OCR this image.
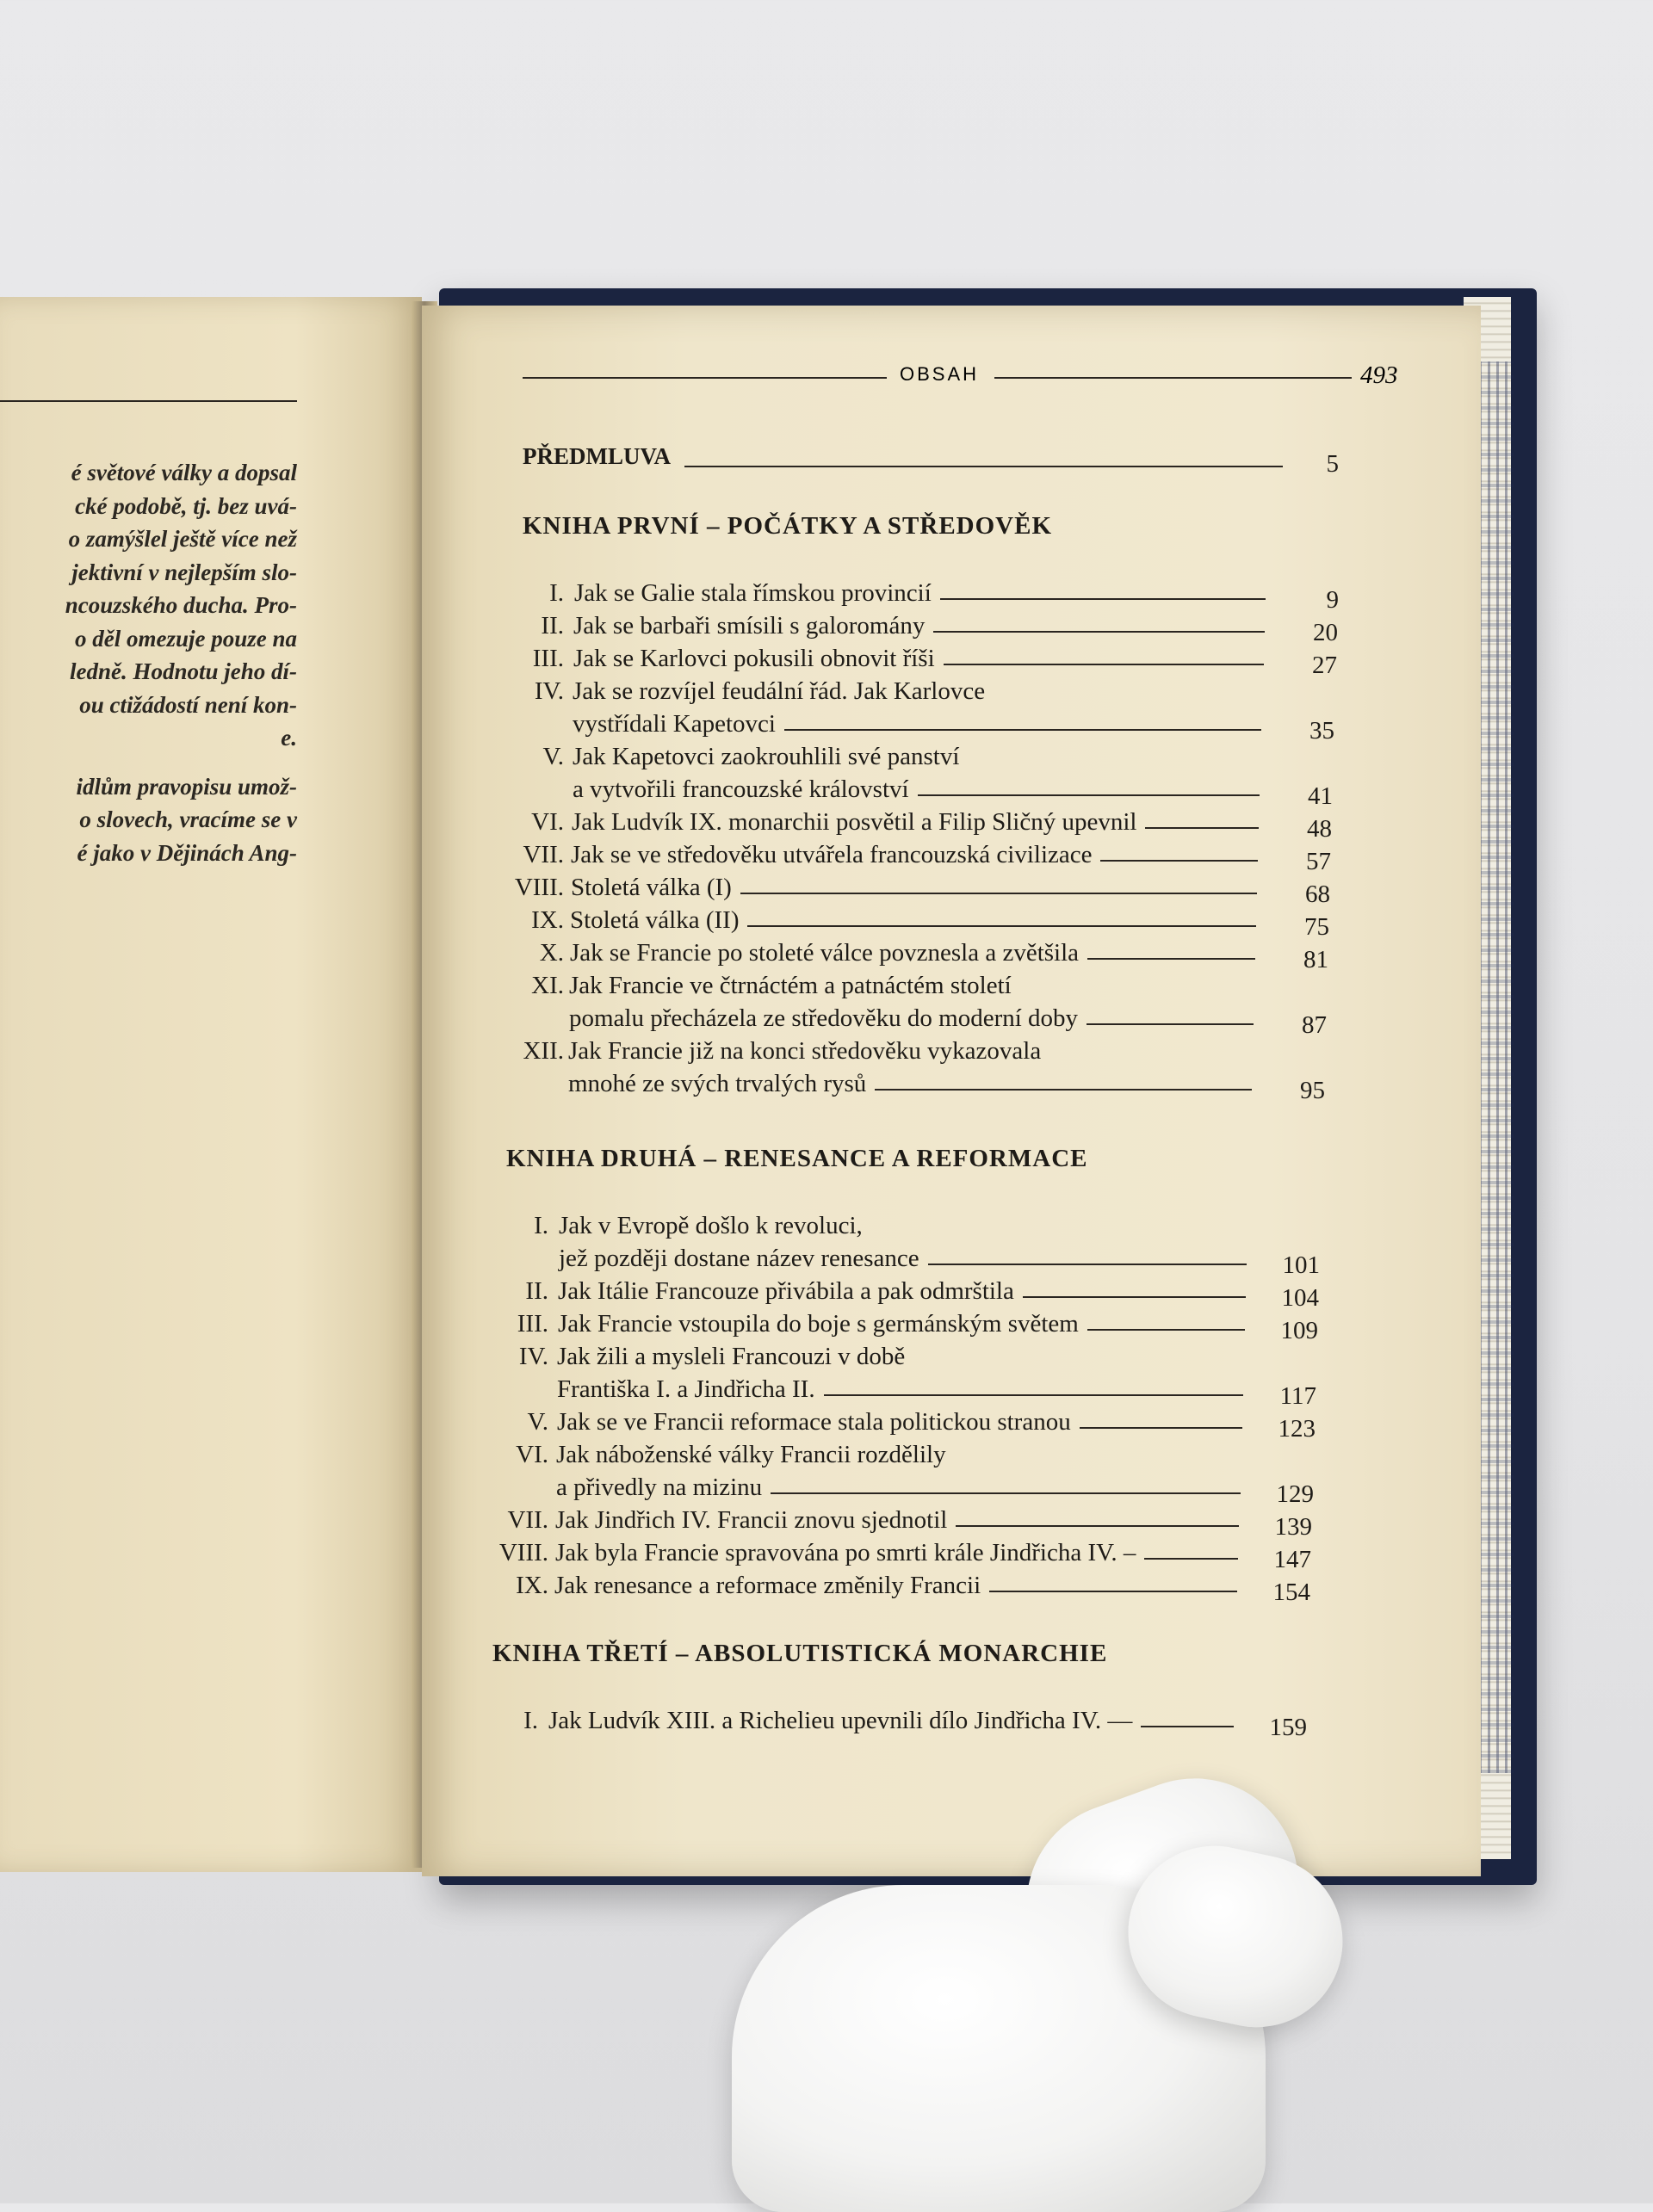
é světové války a dopsal
cké podobě, tj. bez uvá-
o zamýšlel ještě více než
jektivní v nejlepším slo-
ncouzského ducha. Pro-
o děl omezuje pouze na
ledně. Hodnotu jeho dí-
ou ctižádostí není kon-
e.
idlům pravopisu umož-
o slovech, vracíme se v
é jako v Dějinách Ang-
OBSAH	493
PŘEDMLUVA	5
KNIHA PRVNÍ – POČÁTKY A STŘEDOVĚK
I. Jak se Galie stala římskou provincií	9
II. Jak se barbaři smísili s galoromány	20
III. Jak se Karlovci pokusili obnovit říši	27
IV. Jak se rozvíjel feudální řád. Jak Karlovce
vystřídali Kapetovci	35
V. Jak Kapetovci zaokrouhlili své panství
a vytvořili francouzské království	41
VI. Jak Ludvík IX. monarchii posvětil a Filip Sličný upevnil	48
VII. Jak se ve středověku utvářela francouzská civilizace	57
VIII. Stoletá válka (I)	68
IX. Stoletá válka (II)	75
X. Jak se Francie po stoleté válce povznesla a zvětšila	81
XI. Jak Francie ve čtrnáctém a patnáctém století
pomalu přecházela ze středověku do moderní doby	87
XII. Jak Francie již na konci středověku vykazovala
mnohé ze svých trvalých rysů	95
KNIHA DRUHÁ – RENESANCE A REFORMACE
I. Jak v Evropě došlo k revoluci,
jež později dostane název renesance	101
II. Jak Itálie Francouze přivábila a pak odmrštila	104
III. Jak Francie vstoupila do boje s germánským světem	109
IV. Jak žili a mysleli Francouzi v době
Františka I. a Jindřicha II.	117
V. Jak se ve Francii reformace stala politickou stranou	123
VI. Jak náboženské války Francii rozdělily
a přivedly na mizinu	129
VII. Jak Jindřich IV. Francii znovu sjednotil	139
VIII. Jak byla Francie spravována po smrti krále Jindřicha IV. –	147
IX. Jak renesance a reformace změnily Francii	154
KNIHA TŘETÍ – ABSOLUTISTICKÁ MONARCHIE
I. Jak Ludvík XIII. a Richelieu upevnili dílo Jindřicha IV. —	159
